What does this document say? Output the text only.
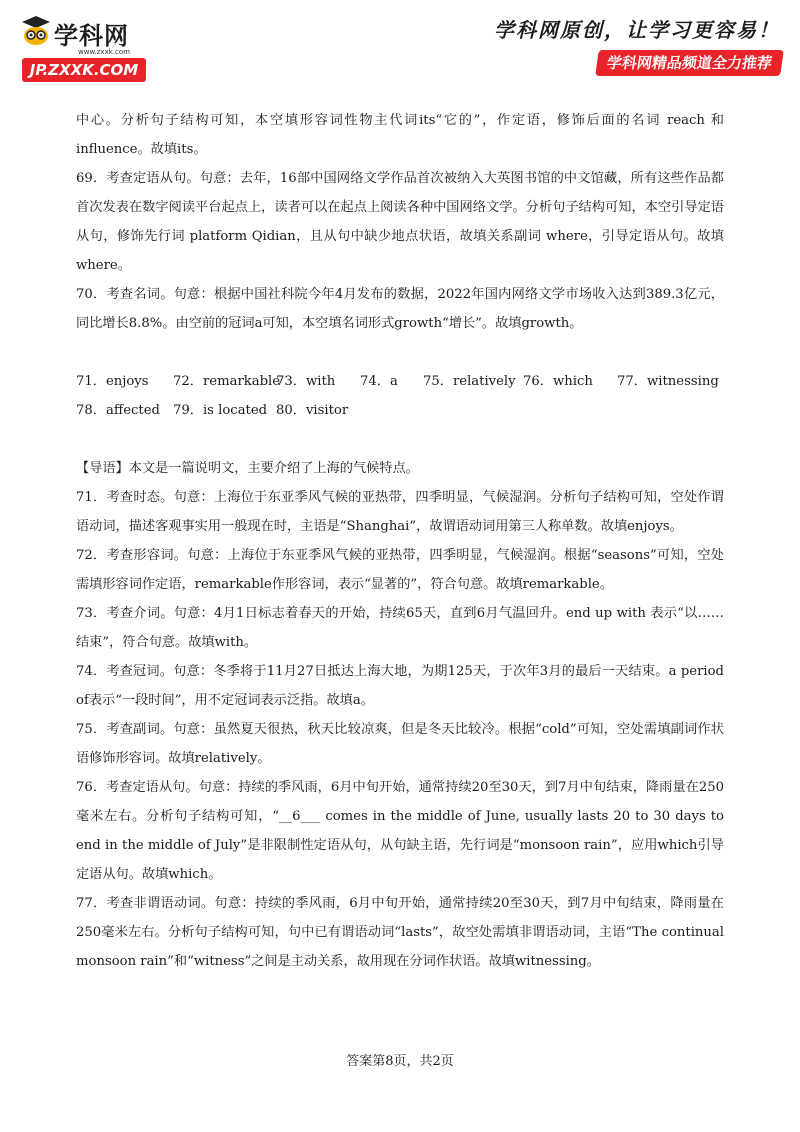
学科网
www.zxxk.com
JP.ZXXK.COM
学科网原创，让学习更容易！
学科网精品频道全力推荐

中心。分析句子结构可知，本空填形容词性物主代词its“它的”，作定语，修饰后面的名词 reach 和 influence。故填its。

69．考查定语从句。句意：去年，16部中国网络文学作品首次被纳入大英图书馆的中文馆藏，所有这些作品都首次发表在数字阅读平台起点上，读者可以在起点上阅读各种中国网络文学。分析句子结构可知，本空引导定语从句，修饰先行词 platform Qidian，且从句中缺少地点状语，故填关系副词 where，引导定语从句。故填where。

70．考查名词。句意：根据中国社科院今年4月发布的数据，2022年国内网络文学市场收入达到389.3亿元，同比增长8.8%。由空前的冠词a可知，本空填名词形式growth“增长”。故填growth。

71．enjoys	72．remarkable
73．with	74．a	75．relatively 76．which	77．witnessing
78．affected 79．is located 80．visitor

【导语】本文是一篇说明文，主要介绍了上海的气候特点。

71．考查时态。句意：上海位于东亚季风气候的亚热带，四季明显，气候湿润。分析句子结构可知，空处作谓语动词，描述客观事实用一般现在时，主语是“Shanghai”，故谓语动词用第三人称单数。故填enjoys。

72．考查形容词。句意：上海位于东亚季风气候的亚热带，四季明显，气候湿润。根据“seasons”可知，空处需填形容词作定语，remarkable作形容词，表示“显著的”，符合句意。故填remarkable。

73．考查介词。句意：4月1日标志着春天的开始，持续65天，直到6月气温回升。end up with 表示“以……结束”，符合句意。故填with。

74．考查冠词。句意：冬季将于11月27日抵达上海大地，为期125天，于次年3月的最后一天结束。a period of表示“一段时间”，用不定冠词表示泛指。故填a。

75．考查副词。句意：虽然夏天很热，秋天比较凉爽，但是冬天比较冷。根据“cold”可知，空处需填副词作状语修饰形容词。故填relatively。

76．考查定语从句。句意：持续的季风雨，6月中旬开始，通常持续20至30天，到7月中旬结束，降雨量在250毫米左右。分析句子结构可知，“__6___ comes in the middle of June, usually lasts 20 to 30 days to end in the middle of July”是非限制性定语从句，从句缺主语，先行词是“monsoon rain”，应用which引导定语从句。故填which。

77．考查非谓语动词。句意：持续的季风雨，6月中旬开始，通常持续20至30天，到7月中旬结束，降雨量在250毫米左右。分析句子结构可知，句中已有谓语动词“lasts”，故空处需填非谓语动词，主语“The continual monsoon rain”和“witness”之间是主动关系，故用现在分词作状语。故填witnessing。

答案第8页，共2页
